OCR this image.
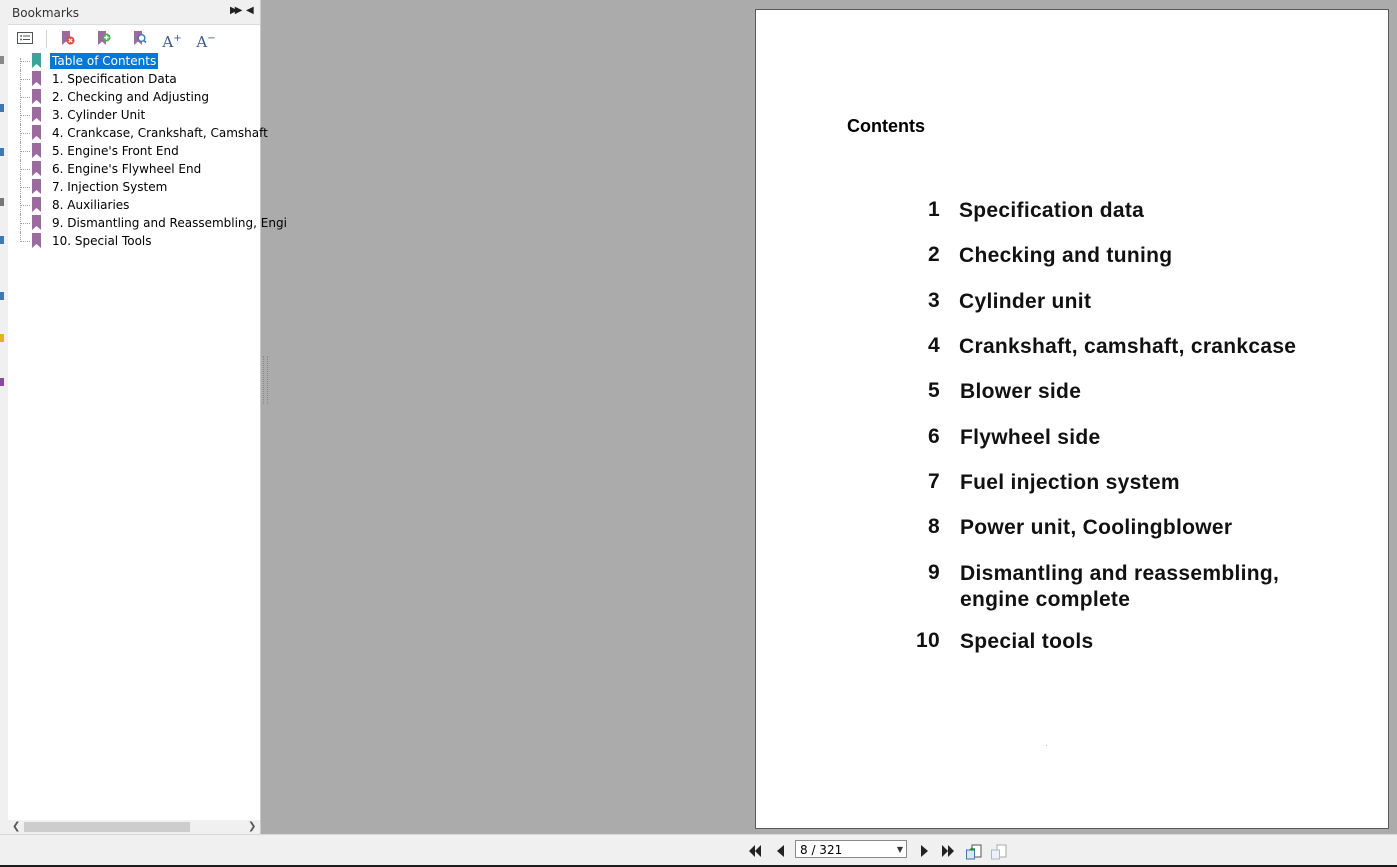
Bookmarks	▶▶ ◀
A+ A−
Table of Contents
1. Specification Data
2. Checking and Adjusting
3. Cylinder Unit
4. Crankcase, Crankshaft, Camshaft
5. Engine's Front End
6. Engine's Flywheel End
7. Injection System
8. Auxiliaries
9. Dismantling and Reassembling, Engi
10. Special Tools
❮	❯
Contents
1 Specification data
2 Checking and tuning
3 Cylinder unit
4 Crankshaft, camshaft, crankcase
5 Blower side
6 Flywheel side
7 Fuel injection system
8 Power unit, Coolingblower
9 Dismantling and reassembling, engine complete
10 Special tools
8 / 321	▼
